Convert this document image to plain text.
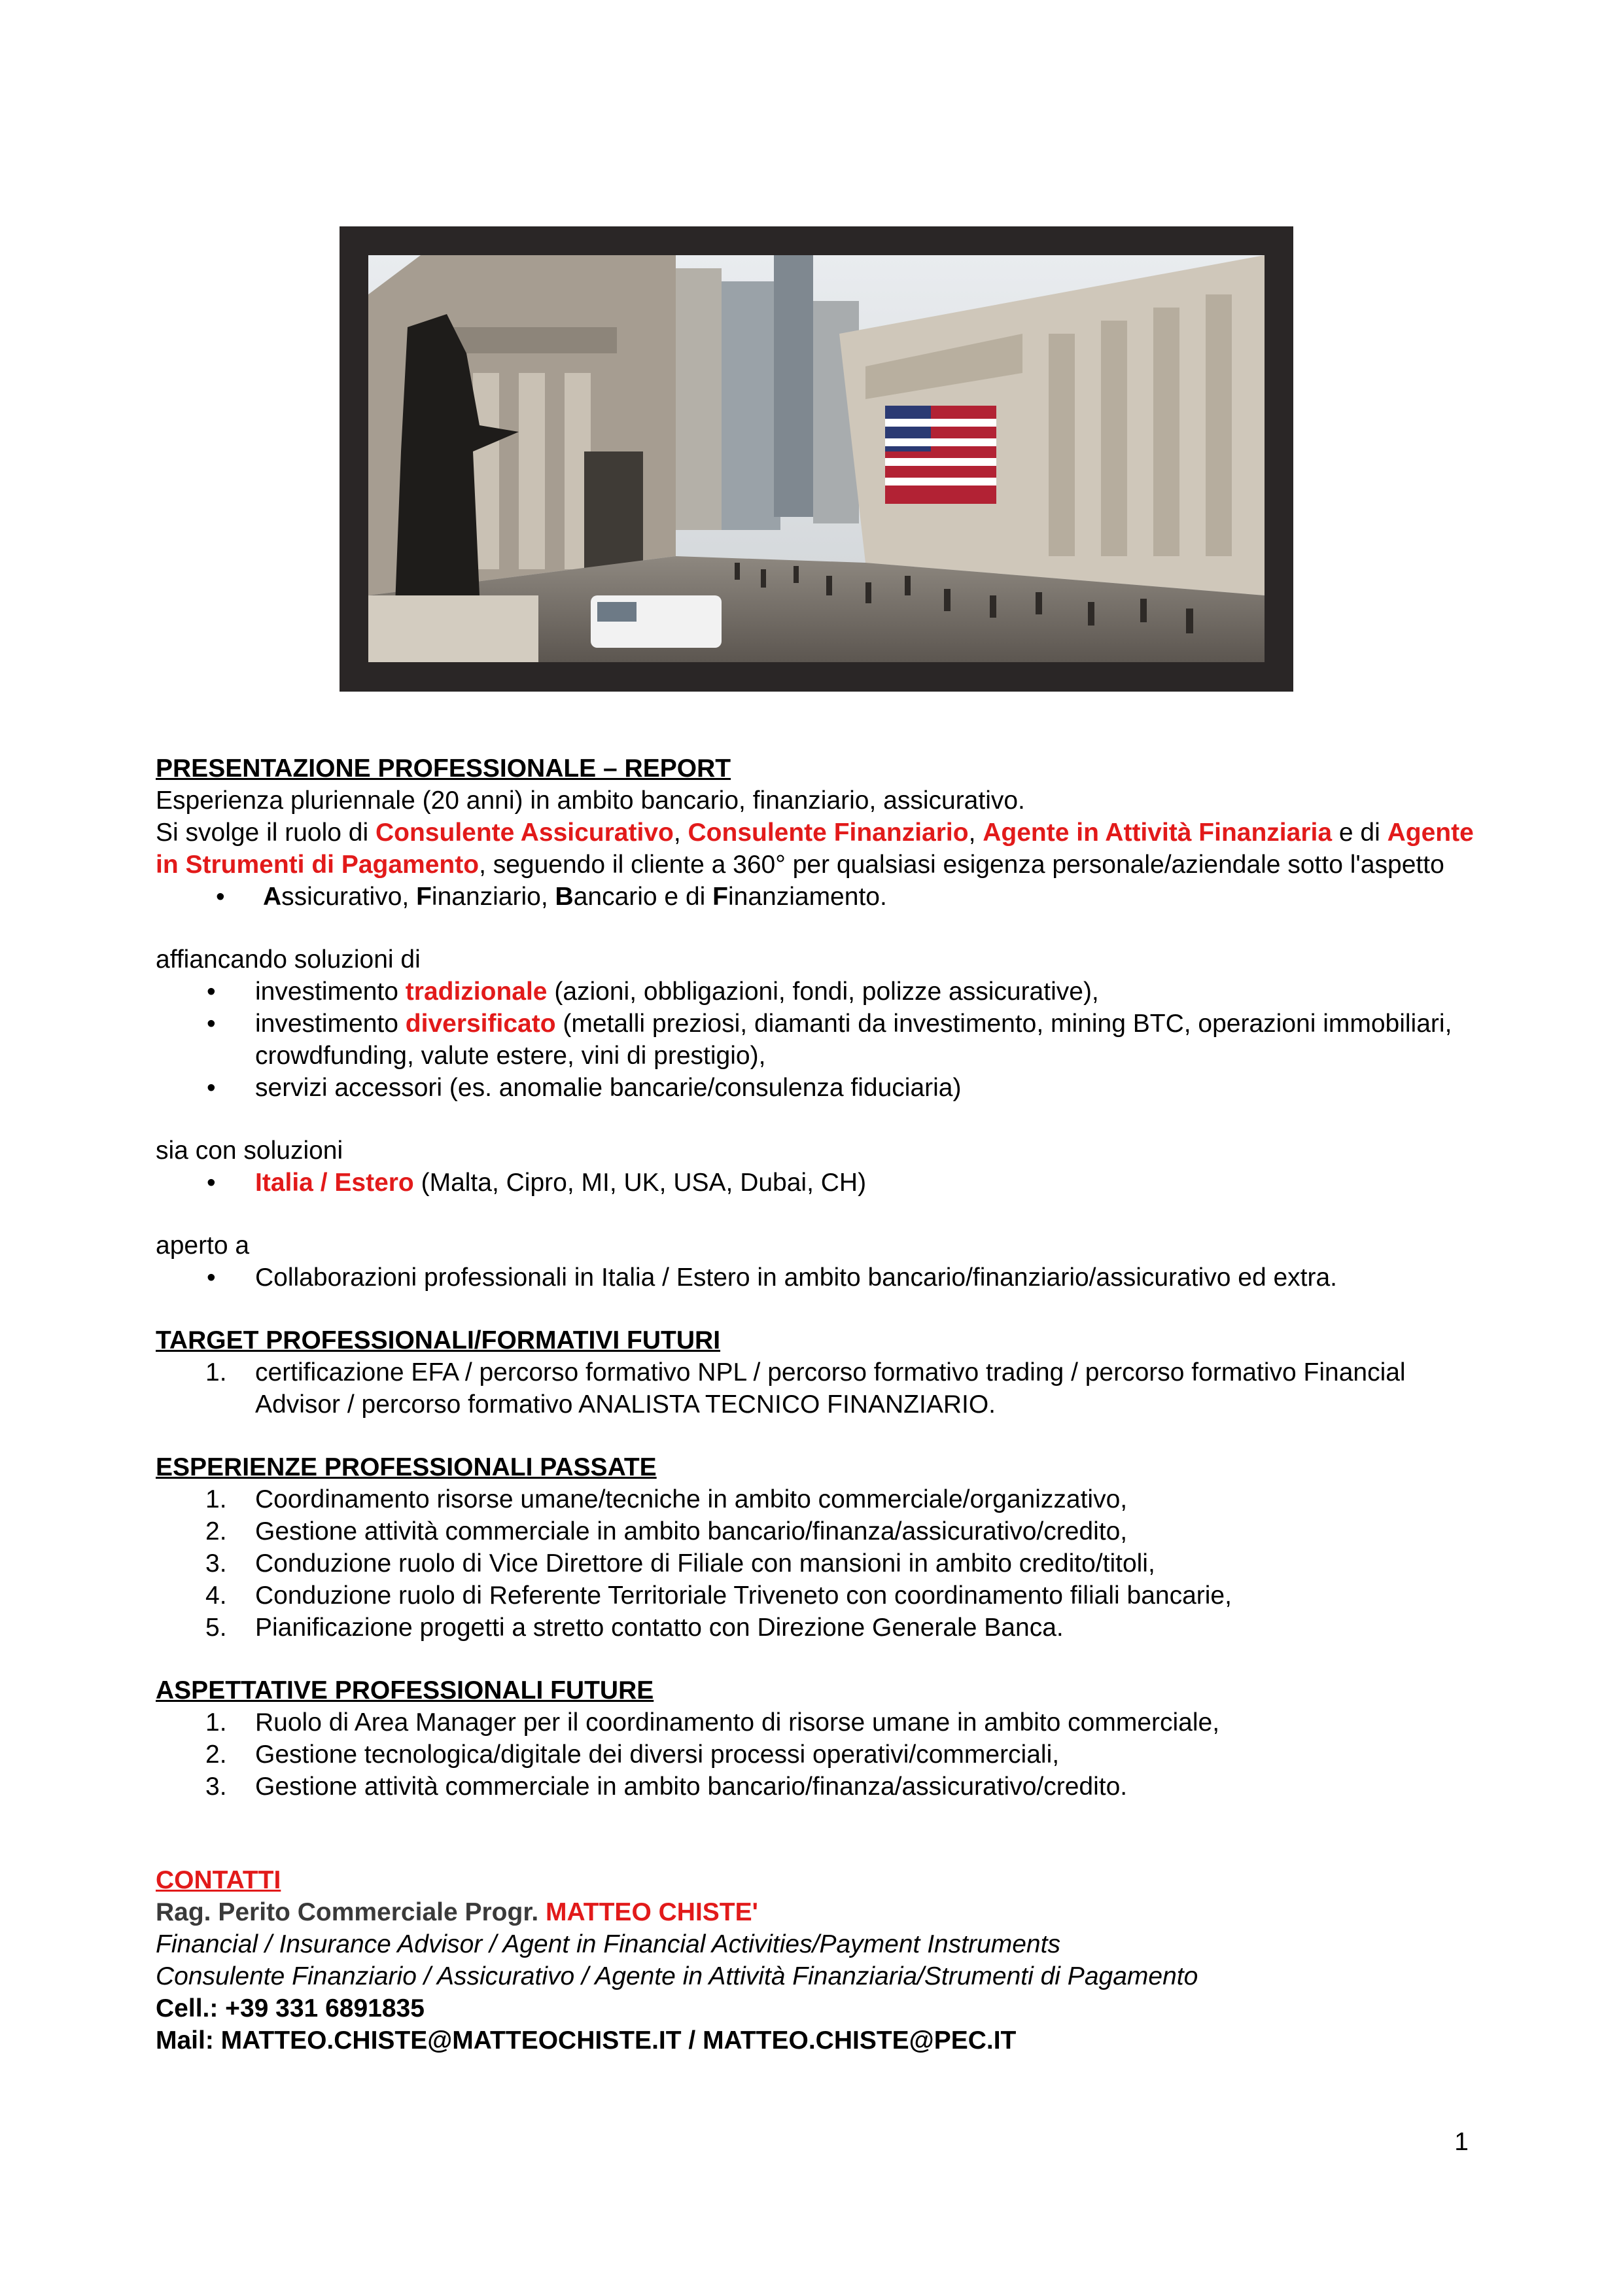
PRESENTAZIONE PROFESSIONALE – REPORT

Esperienza pluriennale (20 anni) in ambito bancario, finanziario, assicurativo.

Si svolge il ruolo di Consulente Assicurativo, Consulente Finanziario, Agente in Attività Finanziaria e di Agente in Strumenti di Pagamento, seguendo il cliente a 360° per qualsiasi esigenza personale/aziendale sotto l'aspetto

• Assicurativo, Finanziario, Bancario e di Finanziamento.

affiancando soluzioni di

• investimento tradizionale (azioni, obbligazioni, fondi, polizze assicurative),
• investimento diversificato (metalli preziosi, diamanti da investimento, mining BTC, operazioni immobiliari, crowdfunding, valute estere, vini di prestigio),
• servizi accessori (es. anomalie bancarie/consulenza fiduciaria)

sia con soluzioni

• Italia / Estero (Malta, Cipro, MI, UK, USA, Dubai, CH)

aperto a

• Collaborazioni professionali in Italia / Estero in ambito bancario/finanziario/assicurativo ed extra.

TARGET PROFESSIONALI/FORMATIVI FUTURI

1. certificazione EFA / percorso formativo NPL / percorso formativo trading / percorso formativo Financial Advisor / percorso formativo ANALISTA TECNICO FINANZIARIO.

ESPERIENZE PROFESSIONALI PASSATE

1. Coordinamento risorse umane/tecniche in ambito commerciale/organizzativo,
2. Gestione attività commerciale in ambito bancario/finanza/assicurativo/credito,
3. Conduzione ruolo di Vice Direttore di Filiale con mansioni in ambito credito/titoli,
4. Conduzione ruolo di Referente Territoriale Triveneto con coordinamento filiali bancarie,
5. Pianificazione progetti a stretto contatto con Direzione Generale Banca.

ASPETTATIVE PROFESSIONALI FUTURE

1. Ruolo di Area Manager per il coordinamento di risorse umane in ambito commerciale,
2. Gestione tecnologica/digitale dei diversi processi operativi/commerciali,
3. Gestione attività commerciale in ambito bancario/finanza/assicurativo/credito.

CONTATTI

Rag. Perito Commerciale Progr. MATTEO CHISTE'

Financial / Insurance Advisor / Agent in Financial Activities/Payment Instruments

Consulente Finanziario / Assicurativo / Agente in Attività Finanziaria/Strumenti di Pagamento

Cell.: +39 331 6891835

Mail: MATTEO.CHISTE@MATTEOCHISTE.IT / MATTEO.CHISTE@PEC.IT

1
